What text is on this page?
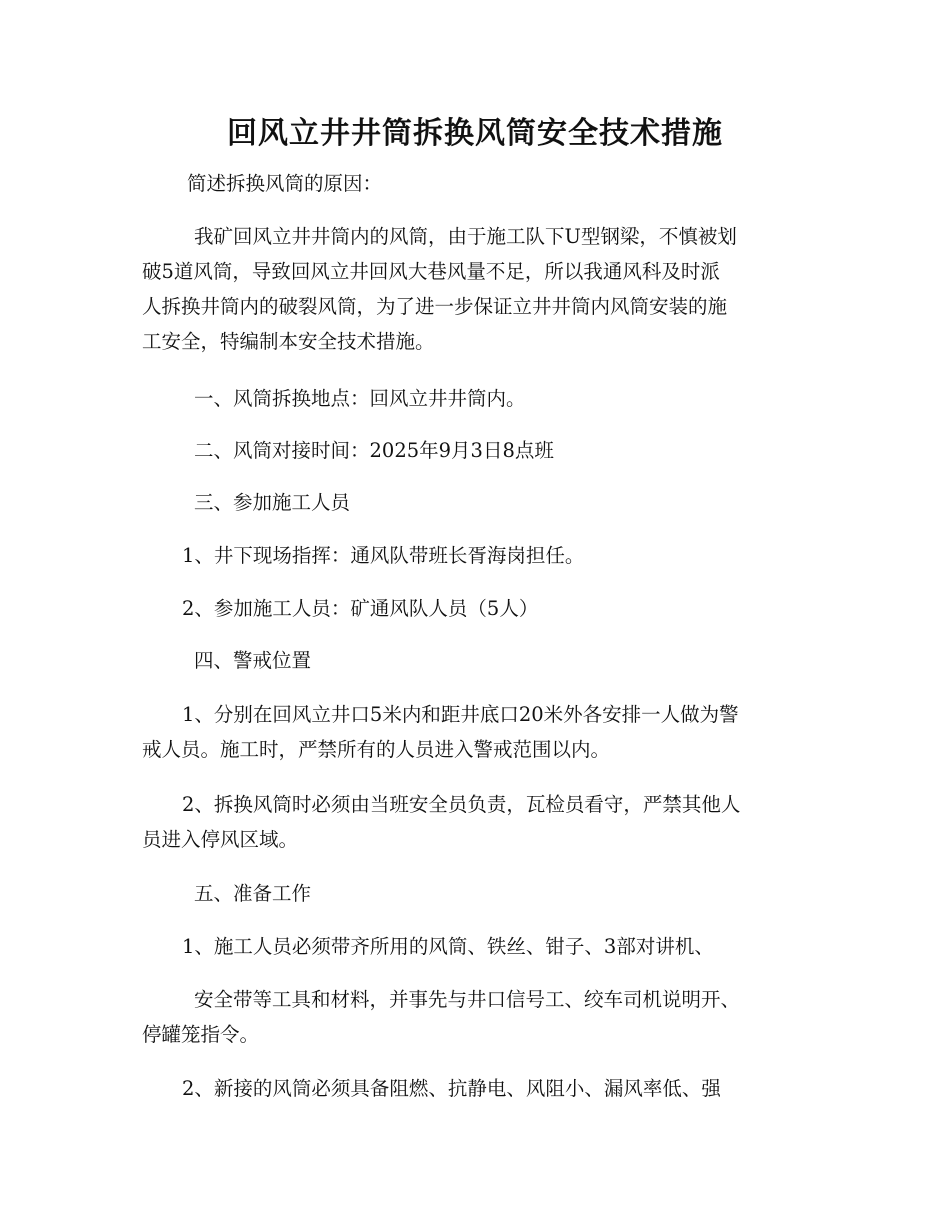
回风立井井筒拆换风筒安全技术措施
简述拆换风筒的原因：
我矿回风立井井筒内的风筒，由于施工队下U型钢梁，不慎被划
破5道风筒，导致回风立井回风大巷风量不足，所以我通风科及时派
人拆换井筒内的破裂风筒，为了进一步保证立井井筒内风筒安装的施
工安全，特编制本安全技术措施。
一、风筒拆换地点：回风立井井筒内。
二、风筒对接时间：2025年9月3日8点班
三、参加施工人员
1、井下现场指挥：通风队带班长胥海岗担任。
2、参加施工人员：矿通风队人员（5人）
四、警戒位置
1、分别在回风立井口5米内和距井底口20米外各安排一人做为警
戒人员。施工时，严禁所有的人员进入警戒范围以内。
2、拆换风筒时必须由当班安全员负责，瓦检员看守，严禁其他人
员进入停风区域。
五、准备工作
1、施工人员必须带齐所用的风筒、铁丝、钳子、3部对讲机、
安全带等工具和材料，并事先与井口信号工、绞车司机说明开、
停罐笼指令。
2、新接的风筒必须具备阻燃、抗静电、风阻小、漏风率低、强
